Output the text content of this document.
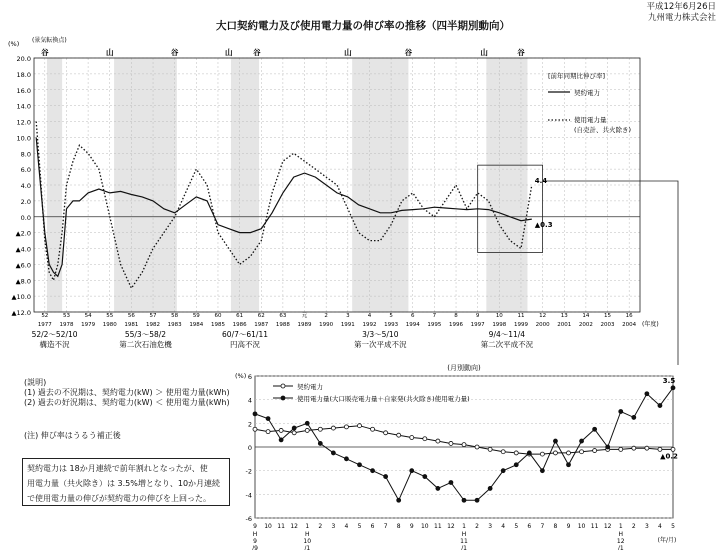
大口契約電力及び使用電力量の伸び率の推移（四半期別動向）
平成12年6月26日
九州電力株式会社
20.0
18.0
16.0
14.0
12.0
10.0
8.0
6.0
4.0
2.0
0.0
▲2.0
▲4.0
▲6.0
▲8.0
▲10.0
▲12.0
1977
52
1978
53
1979
54
1980
55
1981
56
1982
57
1983
58
1984
59
1985
60
1986
61
1987
62
1988
63
1989
元
1990
2
1991
3
1992
4
1993
5
1994
6
1995
7
1996
8
1997
9
1998
10
1999
11
2000
12
2001
13
2002
14
2003
15
2004
16
(年度)
(%) (景気転換点)
谷	山	谷	山	谷	山	谷	山	谷
52/2～52/10
構造不況
55/3～58/2
第二次石油危機
60/7～61/11
円高不況
3/3～5/10
第一次平成不況
9/4～11/4
第二次平成不況
▲0.3
4.4
[前年同期比伸び率]
契約電力
使用電力量
(自売計、共火除き)
6
4
2
0
-2
-4
-6
(%)
(月別動向)
9 10 11 12 1 2 3 4 5 6 7 8 9 10 11 12 1 2 3 4 5 6 7 8 9 10 11 12 1 2 3 4 5
H
9
/9
H
10
/1
H
11
/1
H
12
/1
(年/月)
▲0.2
3.5
契約電力
使用電力量(大口販売電力量＋自家発(共火除き)使用電力量)
(説明)
(1) 過去の不況期は、契約電力(kW) ＞ 使用電力量(kWh)
(2) 過去の好況期は、契約電力(kW) ＜ 使用電力量(kWh)
(注) 伸び率はうるう補正後
契約電力は 18か月連続で前年割れとなったが、使
用電力量（共火除き）は 3.5%増となり、10か月連続
で使用電力量の伸びが契約電力の伸びを上回った。
